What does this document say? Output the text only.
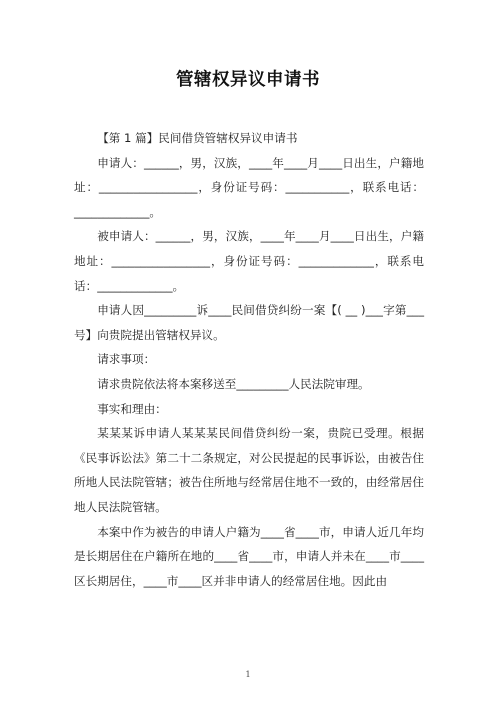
管辖权异议申请书

【第 1 篇】民间借贷管辖权异议申请书

申请人：______，男，汉族，____年____月____日出生，户籍地址：_________________，身份证号码：___________，联系电话：_____________。

被申请人：______，男，汉族，____年____月____日出生，户籍地址：_________________，身份证号码：_____________，联系电话：_____________。

申请人因_________诉____民间借贷纠纷一案【( __ )___字第___号】向贵院提出管辖权异议。

请求事项：

请求贵院依法将本案移送至_________人民法院审理。

事实和理由：

某某某诉申请人某某某民间借贷纠纷一案，贵院已受理。根据《民事诉讼法》第二十二条规定，对公民提起的民事诉讼，由被告住所地人民法院管辖；被告住所地与经常居住地不一致的，由经常居住地人民法院管辖。

本案中作为被告的申请人户籍为____省____市，申请人近几年均是长期居住在户籍所在地的____省____市，申请人并未在____市____区长期居住，____市____区并非申请人的经常居住地。因此由

1
